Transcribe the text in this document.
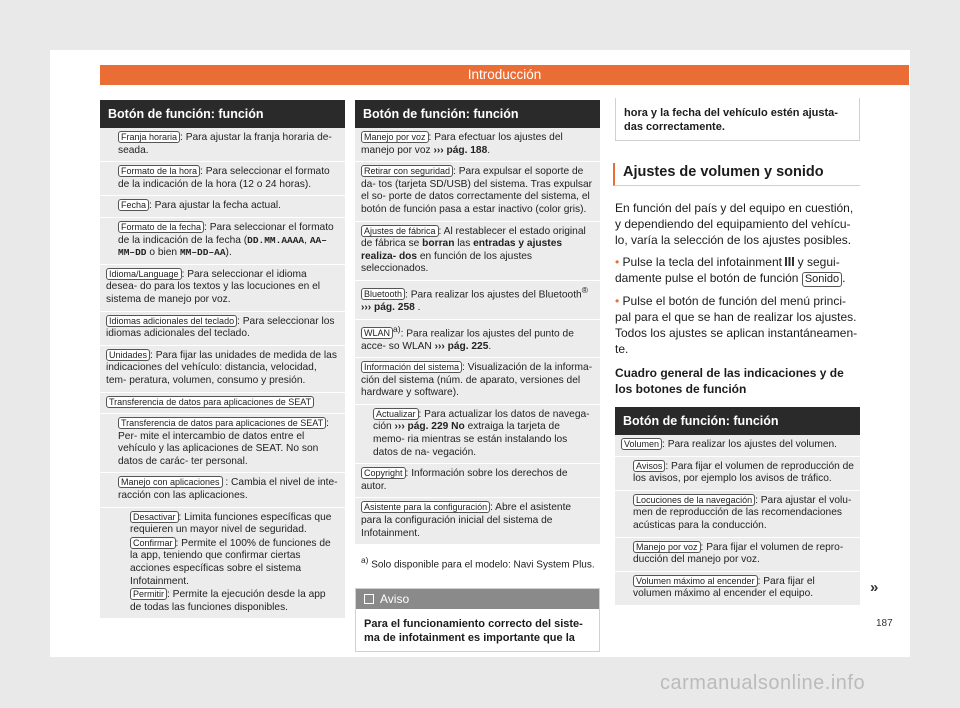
Introducción
Botón de función: función
Franja horaria : Para ajustar la franja horaria de- seada.
Formato de la hora : Para seleccionar el formato de la indicación de la hora (12 o 24 horas).
Fecha : Para ajustar la fecha actual.
Formato de la fecha : Para seleccionar el formato de la indicación de la fecha (DD.MM.AAAA, AA–MM–DD o bien MM–DD–AA).
Idioma/Language : Para seleccionar el idioma desea- do para los textos y las locuciones en el sistema de manejo por voz.
Idiomas adicionales del teclado : Para seleccionar los idiomas adicionales del teclado.
Unidades : Para fijar las unidades de medida de las indicaciones del vehículo: distancia, velocidad, tem- peratura, volumen, consumo y presión.
Transferencia de datos para aplicaciones de SEAT
Transferencia de datos para aplicaciones de SEAT : Per- mite el intercambio de datos entre el vehículo y las aplicaciones de SEAT. No son datos de carác- ter personal.
Manejo con aplicaciones : Cambia el nivel de inte- racción con las aplicaciones.
Desactivar : Limita funciones específicas que requieren un mayor nivel de seguridad.
Confirmar : Permite el 100% de funciones de la app, teniendo que confirmar ciertas acciones específicas sobre el sistema Infotainment.
Permitir : Permite la ejecución desde la app de todas las funciones disponibles.
Botón de función: función
Manejo por voz : Para efectuar los ajustes del manejo por voz ››› pág. 188.
Retirar con seguridad : Para expulsar el soporte de da- tos (tarjeta SD/USB) del sistema. Tras expulsar el so- porte de datos correctamente del sistema, el botón de función pasa a estar inactivo (color gris).
Ajustes de fábrica : Al restablecer el estado original de fábrica se borran las entradas y ajustes realiza- dos en función de los ajustes seleccionados.
Bluetooth : Para realizar los ajustes del Bluetooth®
››› pág. 258 .
WLAN $^{a)}$: Para realizar los ajustes del punto de acce- so WLAN ››› pág. 225.
Información del sistema : Visualización de la informa- ción del sistema (núm. de aparato, versiones del hardware y software).
Actualizar : Para actualizar los datos de navega- ción ››› pág. 229 No extraiga la tarjeta de memo- ria mientras se están instalando los datos de na- vegación.
Copyright : Información sobre los derechos de autor.
Asistente para la configuración : Abre el asistente para la configuración inicial del sistema de Infotainment.
$^{a)}$ Solo disponible para el modelo: Navi System Plus.
Aviso
Para el funcionamiento correcto del siste- ma de infotainment es importante que la
hora y la fecha del vehículo estén ajusta- das correctamente.
Ajustes de volumen y sonido
En función del país y del equipo en cuestión, y dependiendo del equipamiento del vehícu- lo, varía la selección de los ajustes posibles.
• Pulse la tecla del infotainment y segui- damente pulse el botón de función Sonido .
• Pulse el botón de función del menú princi- pal para el que se han de realizar los ajustes. Todos los ajustes se aplican instantáneamen- te.
Cuadro general de las indicaciones y de los botones de función
Botón de función: función
Volumen : Para realizar los ajustes del volumen.
Avisos : Para fijar el volumen de reproducción de los avisos, por ejemplo los avisos de tráfico.
Locuciones de la navegación : Para ajustar el volu- men de reproducción de las recomendaciones acústicas para la conducción.
Manejo por voz : Para fijar el volumen de repro- ducción del manejo por voz.
Volumen máximo al encender : Para fijar el volumen máximo al encender el equipo.	»
187
carmanualsonline.info
